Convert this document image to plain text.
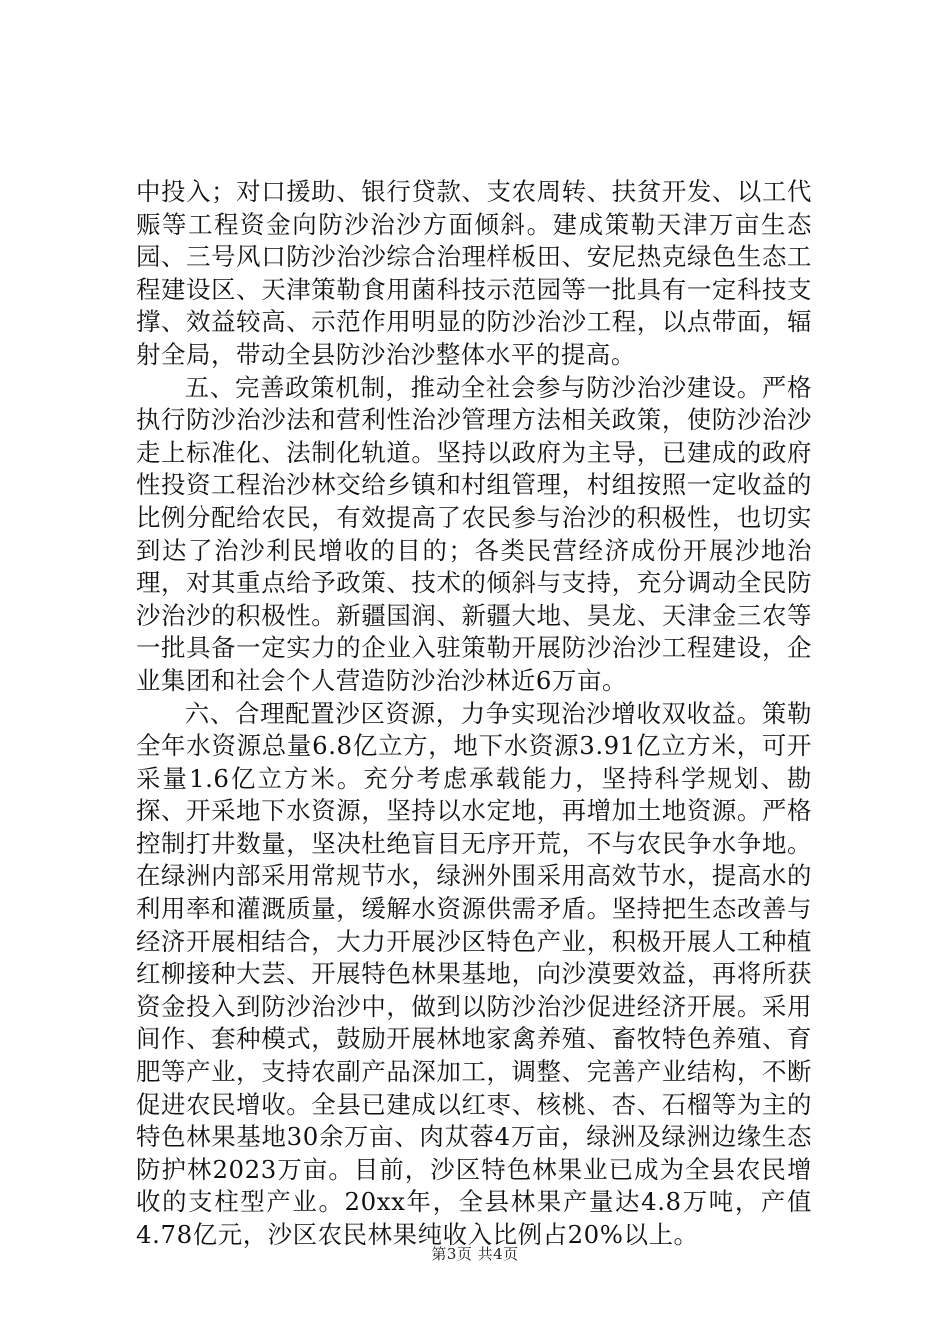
中投入；对口援助、银行贷款、支农周转、扶贫开发、以工代赈等工程资金向防沙治沙方面倾斜。建成策勒天津万亩生态园、三号风口防沙治沙综合治理样板田、安尼热克绿色生态工程建设区、天津策勒食用菌科技示范园等一批具有一定科技支撑、效益较高、示范作用明显的防沙治沙工程，以点带面，辐射全局，带动全县防沙治沙整体水平的提高。

五、完善政策机制，推动全社会参与防沙治沙建设。严格执行防沙治沙法和营利性治沙管理方法相关政策，使防沙治沙走上标准化、法制化轨道。坚持以政府为主导，已建成的政府性投资工程治沙林交给乡镇和村组管理，村组按照一定收益的比例分配给农民，有效提高了农民参与治沙的积极性，也切实到达了治沙利民增收的目的；各类民营经济成份开展沙地治理，对其重点给予政策、技术的倾斜与支持，充分调动全民防沙治沙的积极性。新疆国润、新疆大地、昊龙、天津金三农等一批具备一定实力的企业入驻策勒开展防沙治沙工程建设，企业集团和社会个人营造防沙治沙林近6万亩。

六、合理配置沙区资源，力争实现治沙增收双收益。策勒全年水资源总量6.8亿立方，地下水资源3.91亿立方米，可开采量1.6亿立方米。充分考虑承载能力，坚持科学规划、勘探、开采地下水资源，坚持以水定地，再增加土地资源。严格控制打井数量，坚决杜绝盲目无序开荒，不与农民争水争地。在绿洲内部采用常规节水，绿洲外围采用高效节水，提高水的利用率和灌溉质量，缓解水资源供需矛盾。坚持把生态改善与经济开展相结合，大力开展沙区特色产业，积极开展人工种植红柳接种大芸、开展特色林果基地，向沙漠要效益，再将所获资金投入到防沙治沙中，做到以防沙治沙促进经济开展。采用间作、套种模式，鼓励开展林地家禽养殖、畜牧特色养殖、育肥等产业，支持农副产品深加工，调整、完善产业结构，不断促进农民增收。全县已建成以红枣、核桃、杏、石榴等为主的特色林果基地30余万亩、肉苁蓉4万亩，绿洲及绿洲边缘生态防护林2023万亩。目前，沙区特色林果业已成为全县农民增收的支柱型产业。20xx年，全县林果产量达4.8万吨，产值4.78亿元，沙区农民林果纯收入比例占20%以上。

第3页 共4页
